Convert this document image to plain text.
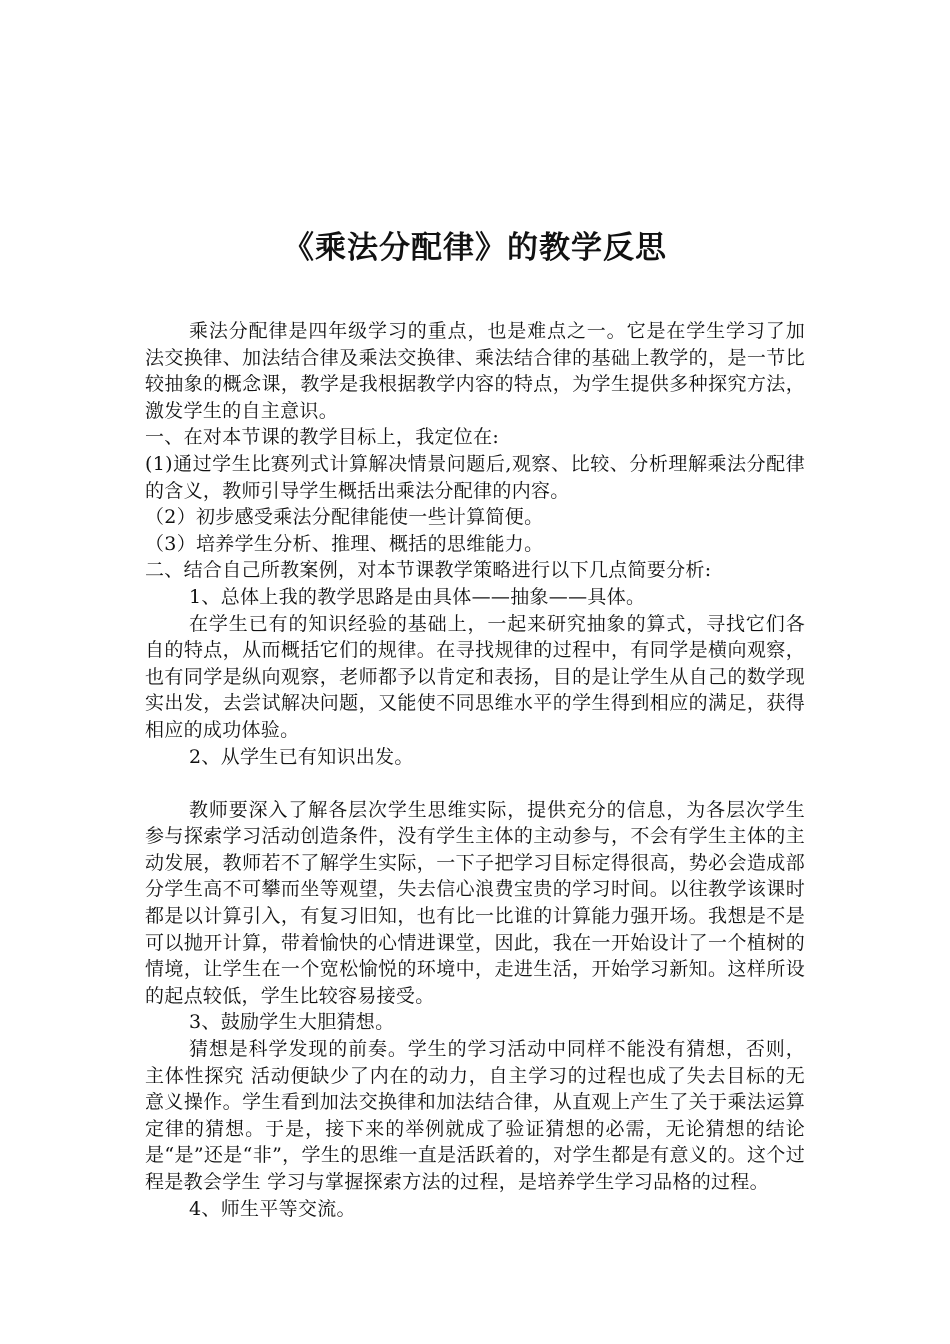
《乘法分配律》的教学反思

乘法分配律是四年级学习的重点，也是难点之一。它是在学生学习了加法交换律、加法结合律及乘法交换律、乘法结合律的基础上教学的，是一节比较抽象的概念课，教学是我根据教学内容的特点，为学生提供多种探究方法，激发学生的自主意识。

一、在对本节课的教学目标上，我定位在:

(1)通过学生比赛列式计算解决情景问题后,观察、比较、分析理解乘法分配律的含义，教师引导学生概括出乘法分配律的内容。

（2）初步感受乘法分配律能使一些计算简便。

（3）培养学生分析、推理、概括的思维能力。

二、结合自己所教案例，对本节课教学策略进行以下几点简要分析:

1、总体上我的教学思路是由具体——抽象——具体。

在学生已有的知识经验的基础上，一起来研究抽象的算式，寻找它们各自的特点，从而概括它们的规律。在寻找规律的过程中，有同学是横向观察，也有同学是纵向观察，老师都予以肯定和表扬，目的是让学生从自己的数学现实出发，去尝试解决问题，又能使不同思维水平的学生得到相应的满足，获得相应的成功体验。

2、从学生已有知识出发。

教师要深入了解各层次学生思维实际，提供充分的信息，为各层次学生参与探索学习活动创造条件，没有学生主体的主动参与，不会有学生主体的主动发展，教师若不了解学生实际，一下子把学习目标定得很高，势必会造成部分学生高不可攀而坐等观望，失去信心浪费宝贵的学习时间。以往教学该课时都是以计算引入，有复习旧知，也有比一比谁的计算能力强开场。我想是不是可以抛开计算，带着愉快的心情进课堂，因此，我在一开始设计了一个植树的情境，让学生在一个宽松愉悦的环境中，走进生活，开始学习新知。这样所设的起点较低，学生比较容易接受。

3、鼓励学生大胆猜想。

猜想是科学发现的前奏。学生的学习活动中同样不能没有猜想，否则，主体性探究 活动便缺少了内在的动力，自主学习的过程也成了失去目标的无意义操作。学生看到加法交换律和加法结合律，从直观上产生了关于乘法运算定律的猜想。于是，接下来的举例就成了验证猜想的必需，无论猜想的结论是“是”还是“非”，学生的思维一直是活跃着的，对学生都是有意义的。这个过程是教会学生 学习与掌握探索方法的过程，是培养学生学习品格的过程。

4、师生平等交流。
